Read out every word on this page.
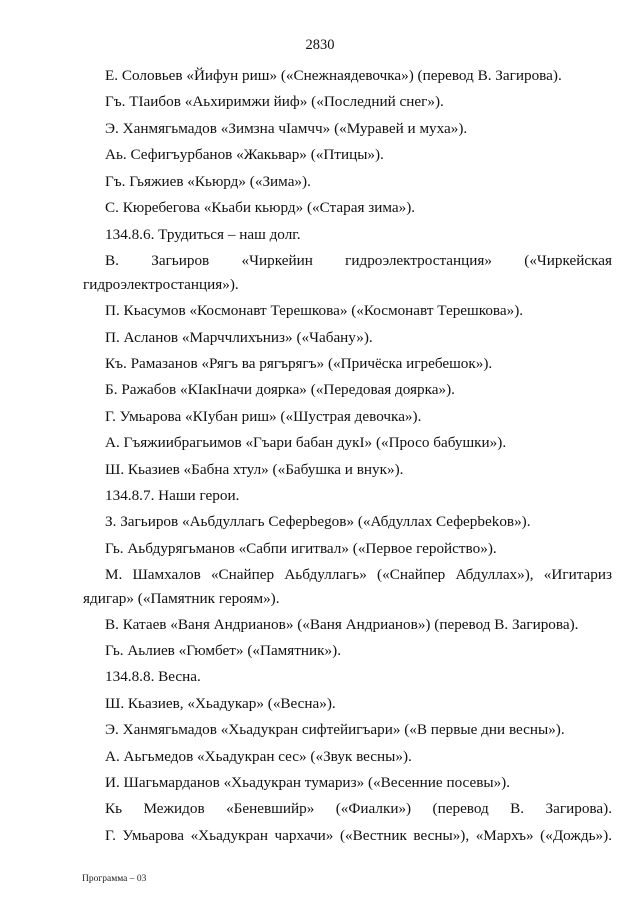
2830
Е. Соловьев «Йифун риш» («Снежнаядевочка») (перевод В. Загирова).
Гъ. ТIаибов «Аьхиримжи йиф» («Последний снег»).
Э. Ханмягьмадов «Зимзна чIамчч» («Муравей и муха»).
Аь. Сефигъурбанов «Жакьвар» («Птицы»).
Гъ. Гьяжиев «Кьюрд» («Зима»).
С. Кюребегова «Кьаби кьюрд» («Старая зима»).
134.8.6. Трудиться – наш долг.
В. Загьиров «Чиркейин гидроэлектростанция» («Чиркейская
гидроэлектростанция»).
П. Кьасумов «Космонавт Терешкова» («Космонавт Терешкова»).
П. Асланов «Марччлихъниз» («Чабану»).
Къ. Рамазанов «Рягъ ва рягърягъ» («Причёска игребешок»).
Б. Ражабов «КIакIначи доярка» («Передовая доярка»).
Г. Умьарова «КIубан риш» («Шустрая девочка»).
А. Гъяжиибрагьимов «Гъари бабан дукI» («Просо бабушки»).
Ш. Кьазиев «Бабна хтул» («Бабушка и внук»).
134.8.7. Наши герои.
З. Загьиров «Аьбдуллагь Сеферbegов» («Абдуллах Сеферbekов»).
Гь. Аьбдурягьманов «Сабпи игитвал» («Первое геройство»).
М. Шамхалов «Снайпер Аьбдуллагь» («Снайпер Абдуллах»), «Игитариз
ядигар» («Памятник героям»).
В. Катаев «Ваня Андрианов» («Ваня Андрианов») (перевод В. Загирова).
Гь. Аьлиев «Гюмбет» («Памятник»).
134.8.8. Весна.
Ш. Кьазиев, «Хьадукар» («Весна»).
Э. Ханмягьмадов «Хьадукран сифтейигъари» («В первые дни весны»).
А. Аьгьмедов «Хьадукран сес» («Звук весны»).
И. Шагьмарданов «Хьадукран тумариз» («Весенние посевы»).
Кь Межидов «Беневшийр» («Фиалки») (перевод В. Загирова).
Г. Умьарова «Хьадукран чархачи» («Вестник весны»), «Мархъ» («Дождь»).
Программа – 03
